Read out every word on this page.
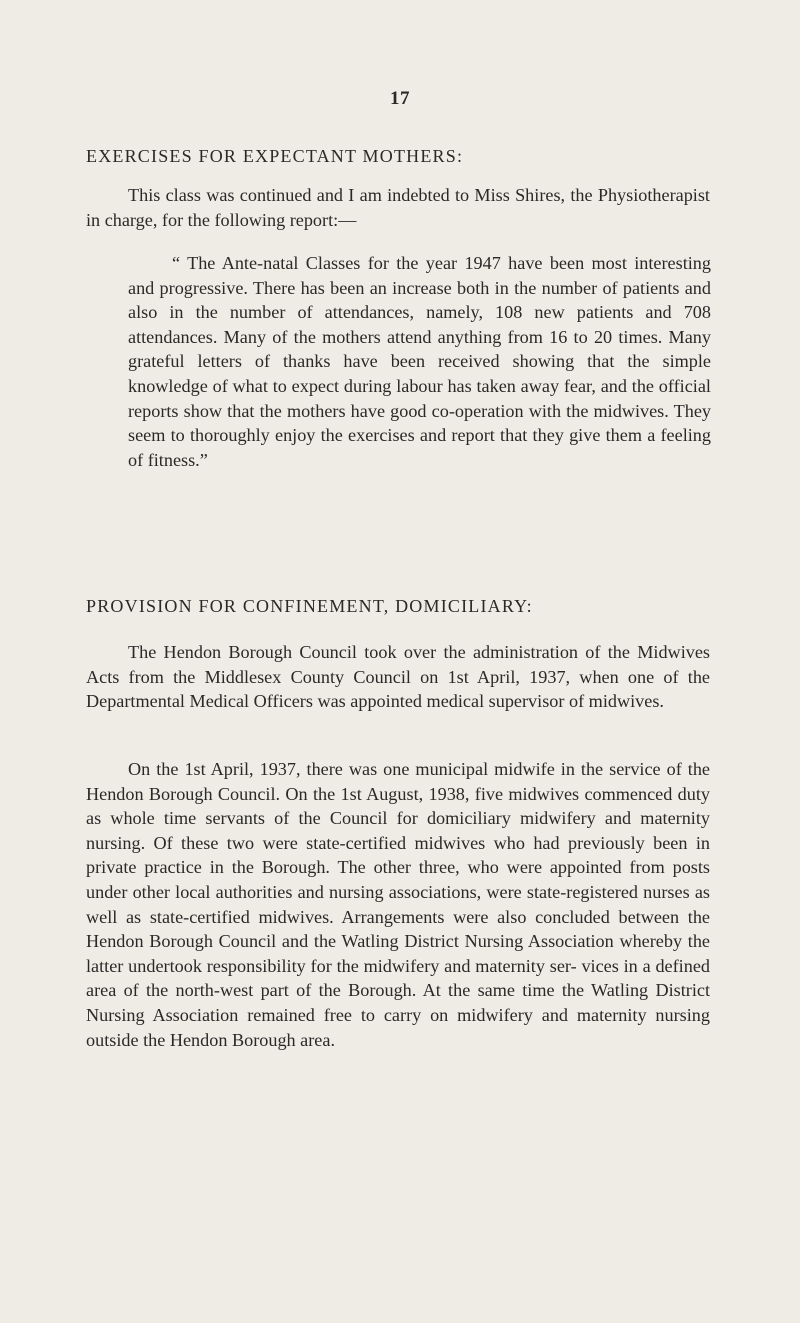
17
EXERCISES FOR EXPECTANT MOTHERS:

This class was continued and I am indebted to Miss Shires, the Physiotherapist in charge, for the following report:—

“ The Ante-natal Classes for the year 1947 have been most interesting and progressive. There has been an increase both in the number of patients and also in the number of attendances, namely, 108 new patients and 708 attendances. Many of the mothers attend anything from 16 to 20 times. Many grateful letters of thanks have been received showing that the simple knowledge of what to expect during labour has taken away fear, and the official reports show that the mothers have good co-operation with the midwives. They seem to thoroughly enjoy the exercises and report that they give them a feeling of fitness.”

PROVISION FOR CONFINEMENT, DOMICILIARY:

The Hendon Borough Council took over the administration of the Midwives Acts from the Middlesex County Council on 1st April, 1937, when one of the Departmental Medical Officers was appointed medical supervisor of midwives.

On the 1st April, 1937, there was one municipal midwife in the service of the Hendon Borough Council. On the 1st August, 1938, five midwives commenced duty as whole time servants of the Council for domiciliary midwifery and maternity nursing. Of these two were state-certified midwives who had previously been in private practice in the Borough. The other three, who were appointed from posts under other local authorities and nursing associations, were state-registered nurses as well as state-certified midwives. Arrangements were also concluded between the Hendon Borough Council and the Watling District Nursing Association whereby the latter undertook responsibility for the midwifery and maternity ser- vices in a defined area of the north-west part of the Borough. At the same time the Watling District Nursing Association remained free to carry on midwifery and maternity nursing outside the Hendon Borough area.
